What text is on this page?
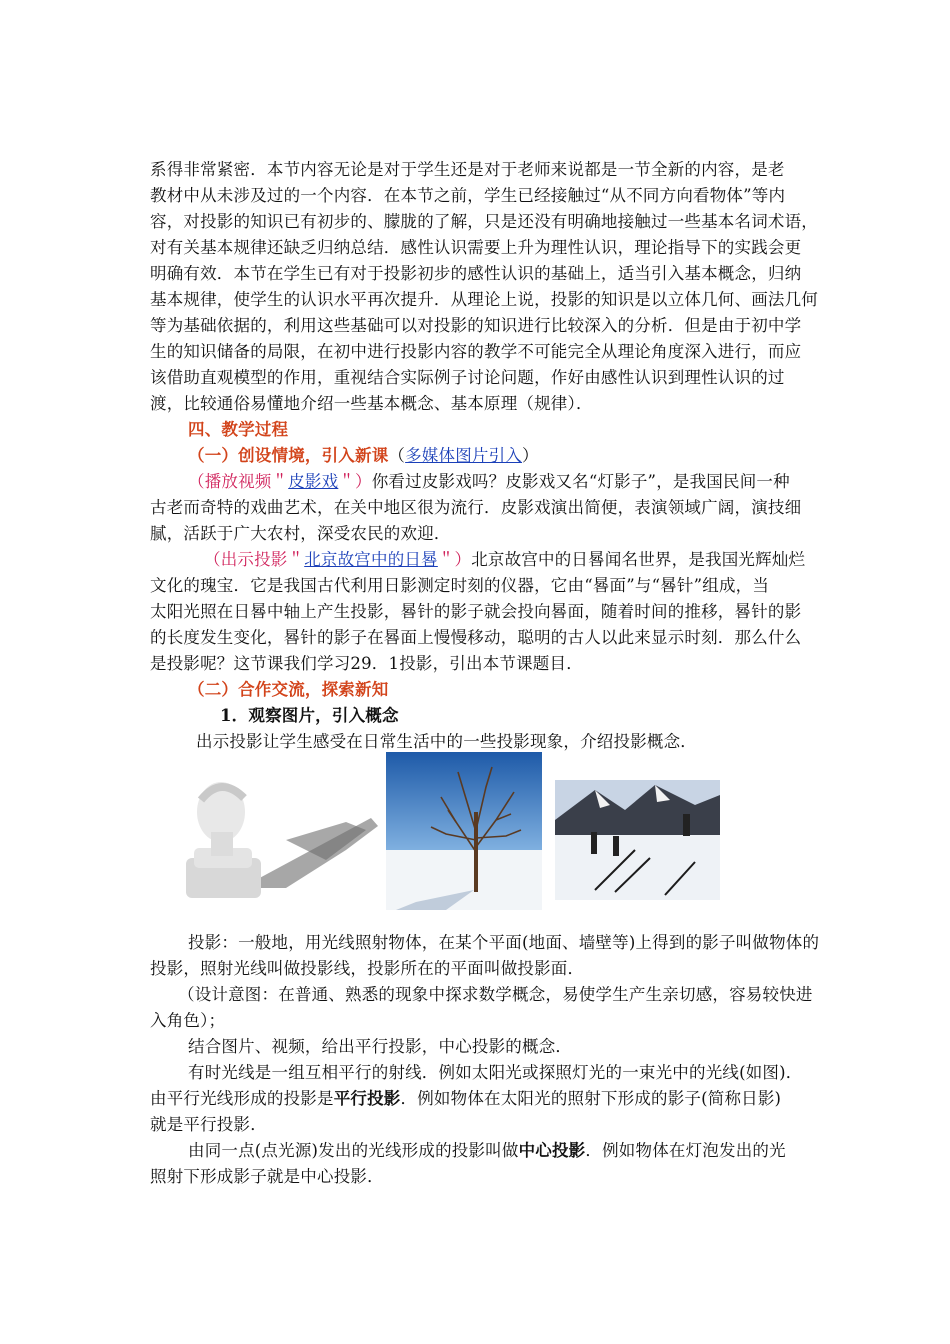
系得非常紧密．本节内容无论是对于学生还是对于老师来说都是一节全新的内容，是老
教材中从未涉及过的一个内容．在本节之前，学生已经接触过“从不同方向看物体”等内
容，对投影的知识已有初步的、朦胧的了解，只是还没有明确地接触过一些基本名词术语，
对有关基本规律还缺乏归纳总结．感性认识需要上升为理性认识，理论指导下的实践会更
明确有效．本节在学生已有对于投影初步的感性认识的基础上，适当引入基本概念，归纳
基本规律，使学生的认识水平再次提升．从理论上说，投影的知识是以立体几何、画法几何
等为基础依据的，利用这些基础可以对投影的知识进行比较深入的分析．但是由于初中学
生的知识储备的局限，在初中进行投影内容的教学不可能完全从理论角度深入进行，而应
该借助直观模型的作用，重视结合实际例子讨论问题，作好由感性认识到理性认识的过
渡，比较通俗易懂地介绍一些基本概念、基本原理（规律）．
四、教学过程
（一）创设情境，引入新课（多媒体图片引入）
（播放视频＂皮影戏＂）你看过皮影戏吗？皮影戏又名“灯影子”，是我国民间一种
古老而奇特的戏曲艺术，在关中地区很为流行．皮影戏演出简便，表演领域广阔，演技细
腻，活跃于广大农村，深受农民的欢迎．
（出示投影＂北京故宫中的日晷＂）北京故宫中的日晷闻名世界，是我国光辉灿烂
文化的瑰宝．它是我国古代利用日影测定时刻的仪器，它由“晷面”与“晷针”组成，当
太阳光照在日晷中轴上产生投影，晷针的影子就会投向晷面，随着时间的推移，晷针的影
的长度发生变化，晷针的影子在晷面上慢慢移动，聪明的古人以此来显示时刻．那么什么
是投影呢？这节课我们学习29．1投影，引出本节课题目．
（二）合作交流，探索新知
1．观察图片，引入概念
出示投影让学生感受在日常生活中的一些投影现象，介绍投影概念．
投影：一般地，用光线照射物体，在某个平面(地面、墙壁等)上得到的影子叫做物体的
投影，照射光线叫做投影线，投影所在的平面叫做投影面．
（设计意图：在普通、熟悉的现象中探求数学概念，易使学生产生亲切感，容易较快进
入角色）；
结合图片、视频，给出平行投影，中心投影的概念．
有时光线是一组互相平行的射线．例如太阳光或探照灯光的一束光中的光线(如图)．
由平行光线形成的投影是平行投影．例如物体在太阳光的照射下形成的影子(简称日影)
就是平行投影．
由同一点(点光源)发出的光线形成的投影叫做中心投影．例如物体在灯泡发出的光
照射下形成影子就是中心投影．
